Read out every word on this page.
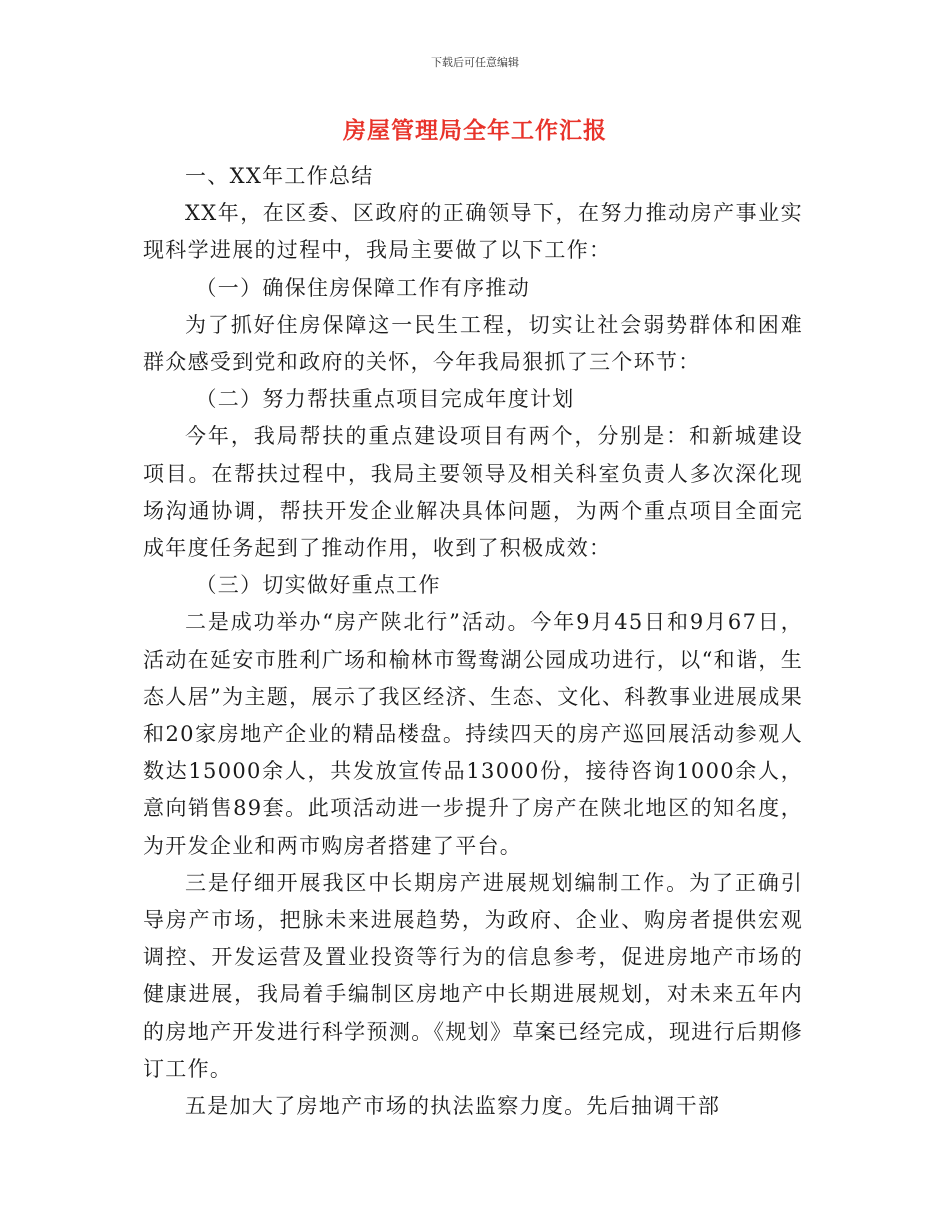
下载后可任意编辑
房屋管理局全年工作汇报

一、XX年工作总结

XX年，在区委、区政府的正确领导下，在努力推动房产事业实现科学进展的过程中，我局主要做了以下工作：

（一）确保住房保障工作有序推动

为了抓好住房保障这一民生工程，切实让社会弱势群体和困难群众感受到党和政府的关怀，今年我局狠抓了三个环节：

（二）努力帮扶重点项目完成年度计划

今年，我局帮扶的重点建设项目有两个，分别是：和新城建设项目。在帮扶过程中，我局主要领导及相关科室负责人多次深化现场沟通协调，帮扶开发企业解决具体问题，为两个重点项目全面完成年度任务起到了推动作用，收到了积极成效：

（三）切实做好重点工作

二是成功举办“房产陕北行”活动。今年9月45日和9月67日，活动在延安市胜利广场和榆林市鸳鸯湖公园成功进行，以“和谐，生态人居”为主题，展示了我区经济、生态、文化、科教事业进展成果和20家房地产企业的精品楼盘。持续四天的房产巡回展活动参观人数达15000余人，共发放宣传品13000份，接待咨询1000余人，意向销售89套。此项活动进一步提升了房产在陕北地区的知名度，为开发企业和两市购房者搭建了平台。

三是仔细开展我区中长期房产进展规划编制工作。为了正确引导房产市场，把脉未来进展趋势，为政府、企业、购房者提供宏观调控、开发运营及置业投资等行为的信息参考，促进房地产市场的健康进展，我局着手编制区房地产中长期进展规划，对未来五年内的房地产开发进行科学预测。《规划》草案已经完成，现进行后期修订工作。

五是加大了房地产市场的执法监察力度。先后抽调干部
